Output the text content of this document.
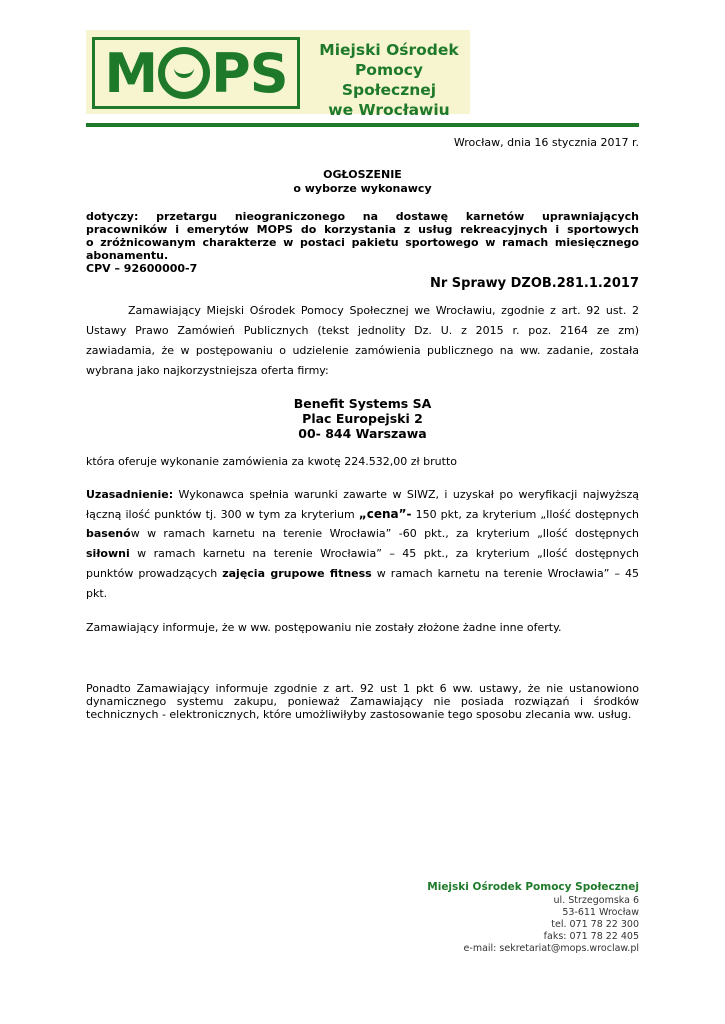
M PS	Miejski Ośrodek
Pomocy Społecznej
we Wrocławiu
Wrocław, dnia 16 stycznia 2017 r.
OGŁOSZENIE
o wyborze wykonawcy
dotyczy: przetargu nieograniczonego na dostawę karnetów uprawniających
pracowników i emerytów MOPS do korzystania z usług rekreacyjnych i sportowych
o zróżnicowanym charakterze w postaci pakietu sportowego w ramach miesięcznego
abonamentu.
CPV – 92600000-7
Nr Sprawy DZOB.281.1.2017
Zamawiający Miejski Ośrodek Pomocy Społecznej we Wrocławiu, zgodnie z art. 92 ust. 2
Ustawy Prawo Zamówień Publicznych (tekst jednolity Dz. U. z 2015 r. poz. 2164 ze zm)
zawiadamia, że w postępowaniu o udzielenie zamówienia publicznego na ww. zadanie, została
wybrana jako najkorzystniejsza oferta firmy:
Benefit Systems SA
Plac Europejski 2
00- 844 Warszawa
która oferuje wykonanie zamówienia za kwotę 224.532,00 zł brutto
Uzasadnienie: Wykonawca spełnia warunki zawarte w SIWZ, i uzyskał po weryfikacji najwyższą
łączną ilość punktów tj. 300 w tym za kryterium „cena”- 150 pkt, za kryterium „Ilość dostępnych
basenów w ramach karnetu na terenie Wrocławia” -60 pkt., za kryterium „Ilość dostępnych
siłowni w ramach karnetu na terenie Wrocławia” – 45 pkt., za kryterium „Ilość dostępnych
punktów prowadzących zajęcia grupowe fitness w ramach karnetu na terenie Wrocławia” – 45
pkt.
Zamawiający informuje, że w ww. postępowaniu nie zostały złożone żadne inne oferty.
Ponadto Zamawiający informuje zgodnie z art. 92 ust 1 pkt 6 ww. ustawy, że nie ustanowiono
dynamicznego systemu zakupu, ponieważ Zamawiający nie posiada rozwiązań i środków
technicznych - elektronicznych, które umożliwiłyby zastosowanie tego sposobu zlecania ww. usług.
Miejski Ośrodek Pomocy Społecznej
ul. Strzegomska 6
53-611 Wrocław
tel. 071 78 22 300
faks: 071 78 22 405
e-mail: sekretariat@mops.wroclaw.pl
